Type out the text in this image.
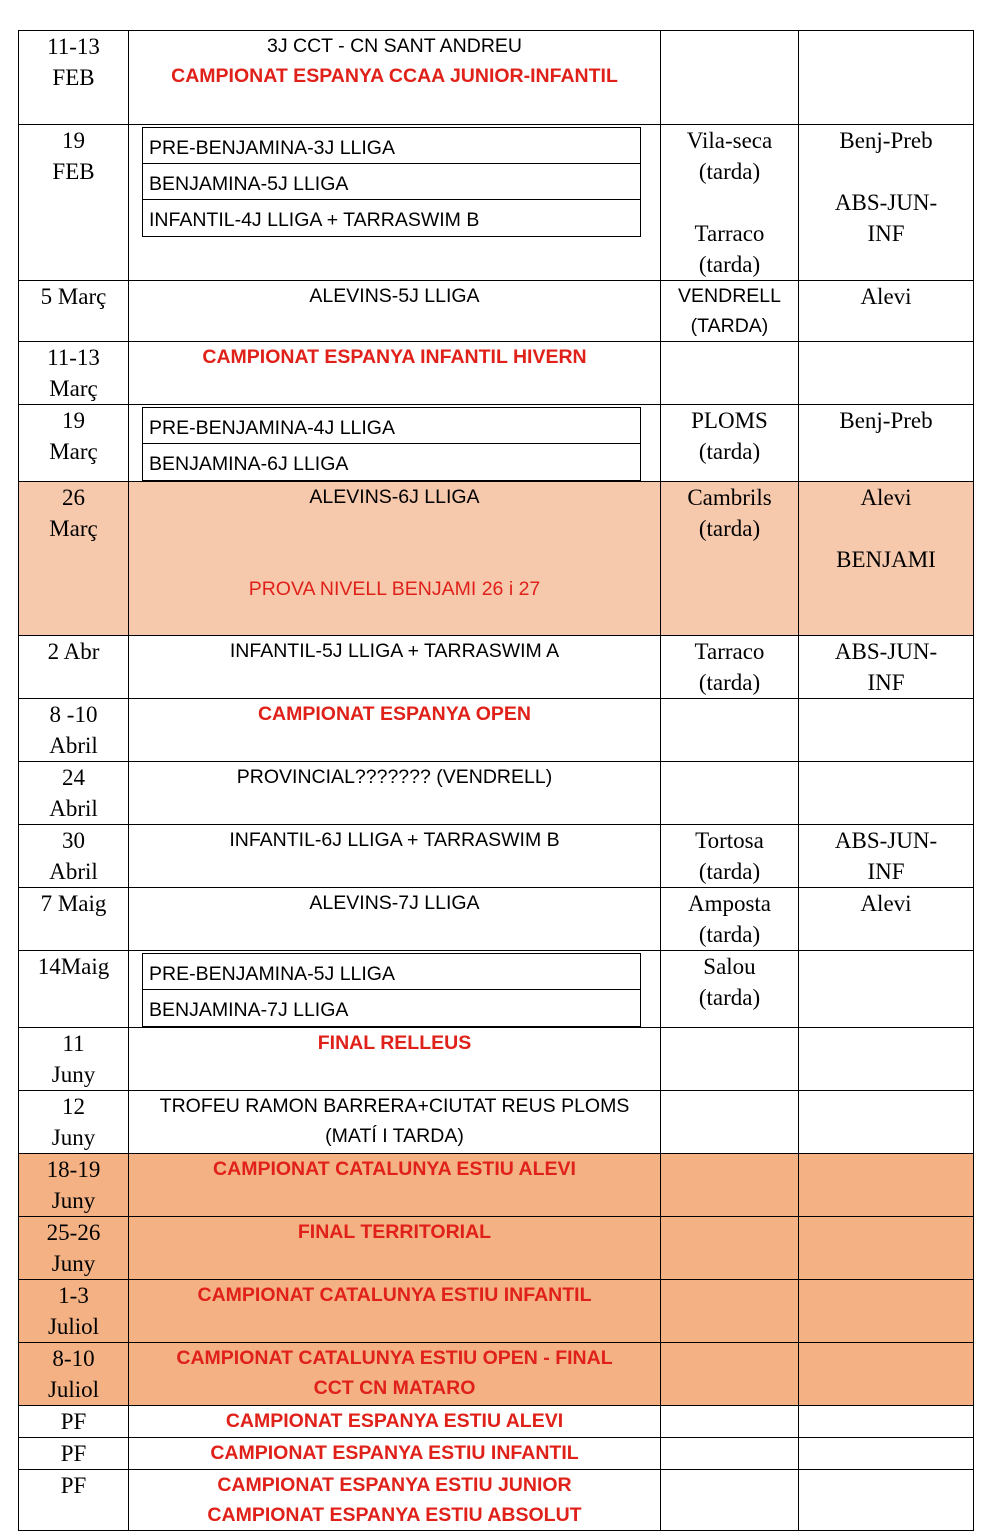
11-13
FEB	3J CCT - CN SANT ANDREU
CAMPIONAT ESPANYA CCAA JUNIOR-INFANTIL		

19
FEB	PRE-BENJAMINA-3J LLIGA
BENJAMINA-5J LLIGA
INFANTIL-4J LLIGA + TARRASWIM B	Vila-seca
(tarda)

Tarraco
(tarda)	Benj-Preb

ABS-JUN-
INF

5 Març	ALEVINS-5J LLIGA	VENDRELL
(TARDA)	Alevi

11-13
Març	CAMPIONAT ESPANYA INFANTIL HIVERN		

19
Març	PRE-BENJAMINA-4J LLIGA
BENJAMINA-6J LLIGA	PLOMS
(tarda)	Benj-Preb

26
Març	ALEVINS-6J LLIGA
PROVA NIVELL BENJAMI 26 i 27	Cambrils
(tarda)	Alevi

BENJAMI

2 Abr	INFANTIL-5J LLIGA + TARRASWIM A	Tarraco
(tarda)	ABS-JUN-
INF

8 -10
Abril	CAMPIONAT ESPANYA OPEN		

24
Abril	PROVINCIAL??????? (VENDRELL)		

30
Abril	INFANTIL-6J LLIGA + TARRASWIM B	Tortosa
(tarda)	ABS-JUN-
INF

7 Maig	ALEVINS-7J LLIGA	Amposta
(tarda)	Alevi

14Maig	PRE-BENJAMINA-5J LLIGA
BENJAMINA-7J LLIGA	Salou
(tarda)	

11
Juny	FINAL RELLEUS		

12
Juny	TROFEU RAMON BARRERA+CIUTAT REUS PLOMS
(MATÍ I TARDA)		

18-19
Juny	CAMPIONAT CATALUNYA ESTIU ALEVI		

25-26
Juny	FINAL TERRITORIAL		

1-3
Juliol	CAMPIONAT CATALUNYA ESTIU INFANTIL		

8-10
Juliol	CAMPIONAT CATALUNYA ESTIU OPEN - FINAL
CCT CN MATARO		

PF	CAMPIONAT ESPANYA ESTIU ALEVI		

PF	CAMPIONAT ESPANYA ESTIU INFANTIL		

PF	CAMPIONAT ESPANYA ESTIU JUNIOR
CAMPIONAT ESPANYA ESTIU ABSOLUT		
